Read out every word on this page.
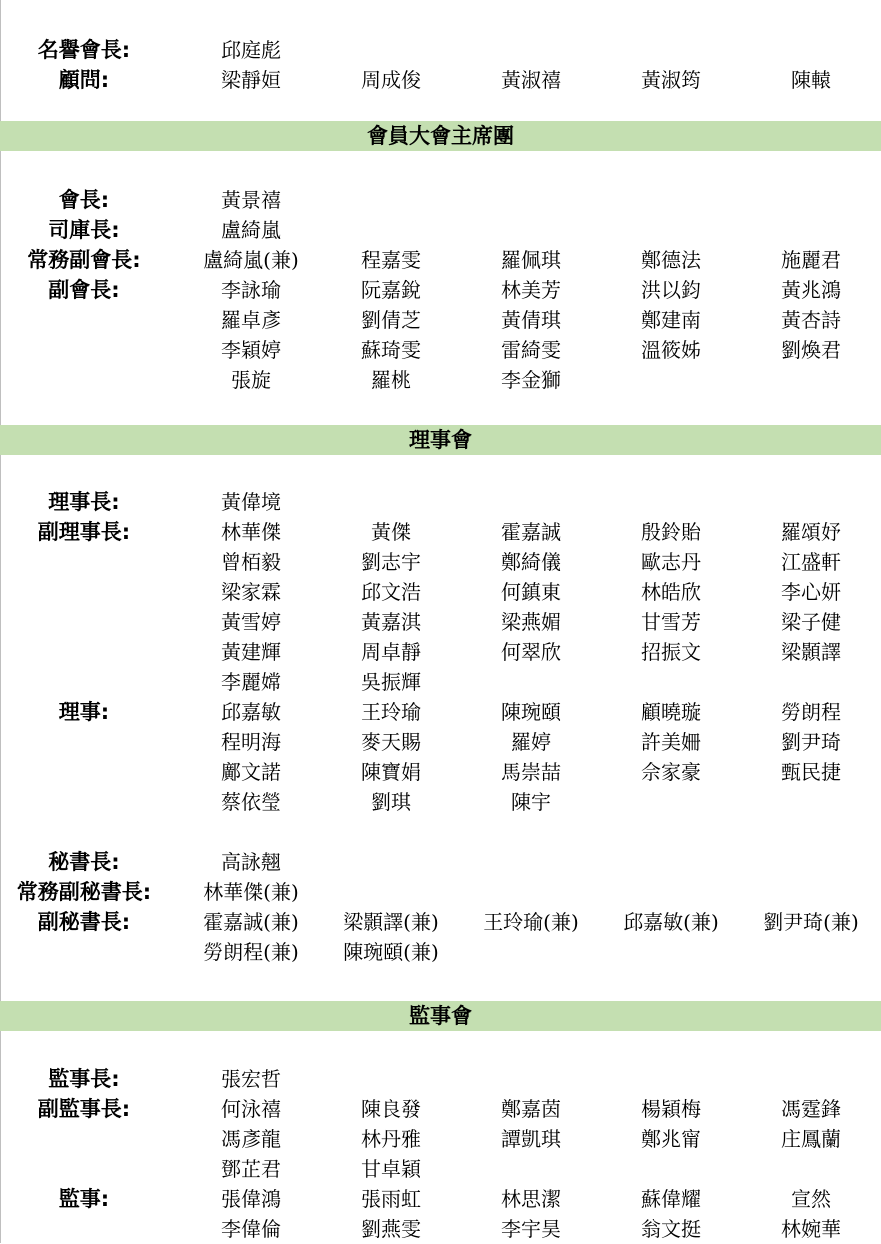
名譽會長:	邱庭彪
顧問:	梁靜姮	周成俊	黃淑禧	黃淑筠	陳轅
會員大會主席團
會長:	黃景禧
司庫長:	盧綺嵐
常務副會長:	盧綺嵐(兼)	程嘉雯	羅佩琪	鄭德法	施麗君
副會長:	李詠瑜	阮嘉銳	林美芳	洪以鈞	黃兆鴻
羅卓彥	劉倩芝	黃倩琪	鄭建南	黃杏詩
李穎婷	蘇琦雯	雷綺雯	溫筱姊	劉煥君
張旋	羅桃	李金獅
理事會
理事長:	黃偉境
副理事長:	林華傑	黃傑	霍嘉誠	殷鈴貽	羅頌妤
曾栢毅	劉志宇	鄭綺儀	歐志丹	江盛軒
梁家霖	邱文浩	何鎮東	林皓欣	李心妍
黃雪婷	黃嘉淇	梁燕媚	甘雪芳	梁子健
黃建輝	周卓靜	何翠欣	招振文	梁顥譯
李麗嫦	吳振輝
理事:	邱嘉敏	王玲瑜	陳琬頤	顧曉璇	勞朗程
程明海	麥天賜	羅婷	許美姍	劉尹琦
鄺文諾	陳寶娟	馬崇喆	佘家豪	甄民捷
蔡依瑩	劉琪	陳宇
秘書長:	高詠翹
常務副秘書長:	林華傑(兼)
副秘書長:	霍嘉誠(兼)	梁顥譯(兼)	王玲瑜(兼)	邱嘉敏(兼)	劉尹琦(兼)
勞朗程(兼)	陳琬頤(兼)
監事會
監事長:	張宏哲
副監事長:	何泳禧	陳良發	鄭嘉茵	楊穎梅	馮霆鋒
馮彥龍	林丹雅	譚凱琪	鄭兆甯	庄鳳蘭
鄧芷君	甘卓穎
監事:	張偉鴻	張雨虹	林思潔	蘇偉耀	宣然
李偉倫	劉燕雯	李宇昊	翁文挺	林婉華
